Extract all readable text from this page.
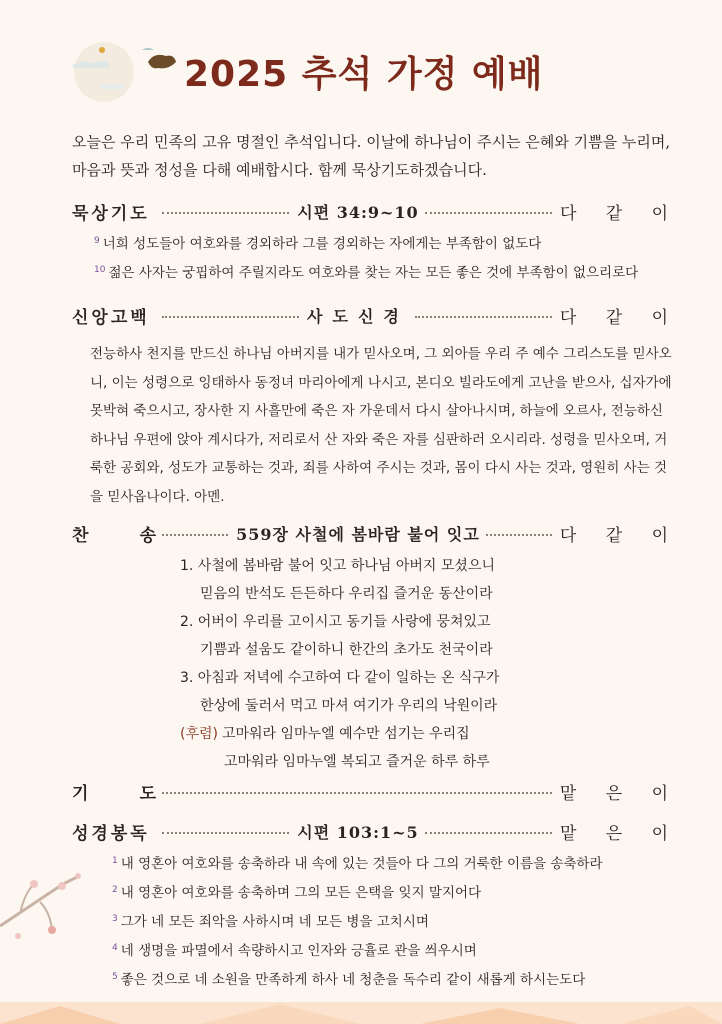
2025 추석 가정 예배

오늘은 우리 민족의 고유 명절인 추석입니다. 이날에 하나님이 주시는 은혜와 기쁨을 누리며, 마음과 뜻과 정성을 다해 예배합시다. 함께 묵상기도하겠습니다.

묵상기도	시편 34:9~10	다 같 이
$^9$ 너희 성도들아 여호와를 경외하라 그를 경외하는 자에게는 부족함이 없도다
$^{10}$ 젊은 사자는 궁핍하여 주릴지라도 여호와를 찾는 자는 모든 좋은 것에 부족함이 없으리로다
신앙고백	사도신경	다 같 이

전능하사 천지를 만드신 하나님 아버지를 내가 믿사오며, 그 외아들 우리 주 예수 그리스도를 믿사오니, 이는 성령으로 잉태하사 동정녀 마리아에게 나시고, 본디오 빌라도에게 고난을 받으사, 십자가에 못박혀 죽으시고, 장사한 지 사흘만에 죽은 자 가운데서 다시 살아나시며, 하늘에 오르사, 전능하신 하나님 우편에 앉아 계시다가, 저리로서 산 자와 죽은 자를 심판하러 오시리라. 성령을 믿사오며, 거룩한 공회와, 성도가 교통하는 것과, 죄를 사하여 주시는 것과, 몸이 다시 사는 것과, 영원히 사는 것을 믿사옵나이다. 아멘.

찬	송	559장 사철에 봄바람 불어 잇고	다 같 이
1. 사철에 봄바람 불어 잇고 하나님 아버지 모셨으니
믿음의 반석도 든든하다 우리집 즐거운 동산이라
2. 어버이 우리를 고이시고 동기들 사랑에 뭉쳐있고
기쁨과 설움도 같이하니 한간의 초가도 천국이라
3. 아침과 저녁에 수고하여 다 같이 일하는 온 식구가
한상에 둘러서 먹고 마셔 여기가 우리의 낙원이라
(후렴) 고마워라 임마누엘 예수만 섬기는 우리집
고마워라 임마누엘 복되고 즐거운 하루 하루
기	도	맡 은 이
성경봉독	시편 103:1~5	맡 은 이
$^1$ 내 영혼아 여호와를 송축하라 내 속에 있는 것들아 다 그의 거룩한 이름을 송축하라
$^2$ 내 영혼아 여호와를 송축하며 그의 모든 은택을 잊지 말지어다
$^3$ 그가 네 모든 죄악을 사하시며 네 모든 병을 고치시며
$^4$ 네 생명을 파멸에서 속량하시고 인자와 긍휼로 관을 씌우시며
$^5$ 좋은 것으로 네 소원을 만족하게 하사 네 청춘을 독수리 같이 새롭게 하시는도다
